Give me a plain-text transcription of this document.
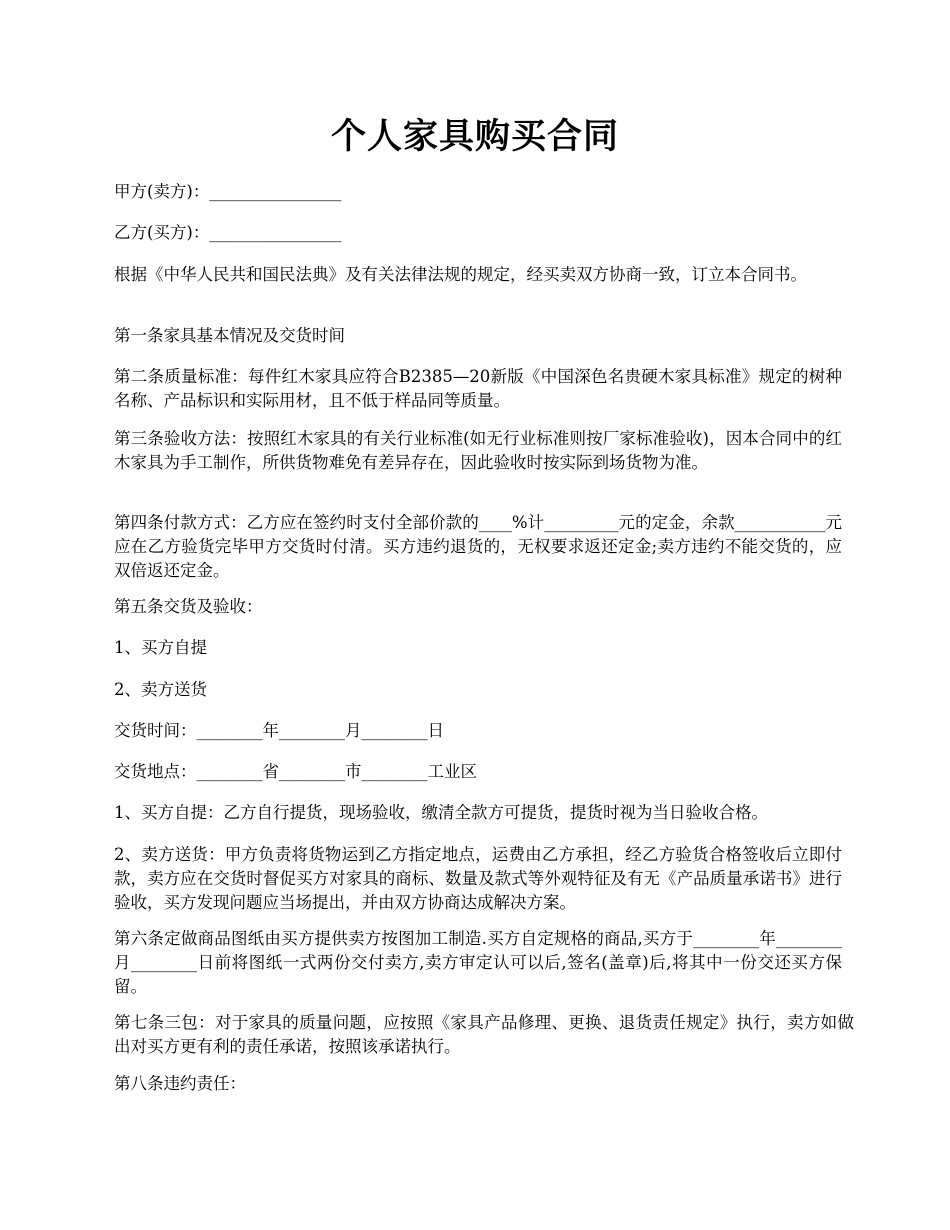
个人家具购买合同

甲方(卖方)：________________

乙方(买方)：________________

根据《中华人民共和国民法典》及有关法律法规的规定，经买卖双方协商一致，订立本合同书。

第一条家具基本情况及交货时间

第二条质量标准：每件红木家具应符合B2385—20新版《中国深色名贵硬木家具标准》规定的树种名称、产品标识和实际用材，且不低于样品同等质量。

第三条验收方法：按照红木家具的有关行业标准(如无行业标准则按厂家标准验收)，因本合同中的红木家具为手工制作，所供货物难免有差异存在，因此验收时按实际到场货物为准。

第四条付款方式：乙方应在签约时支付全部价款的____%计_________元的定金，余款___________元应在乙方验货完毕甲方交货时付清。买方违约退货的，无权要求返还定金;卖方违约不能交货的，应双倍返还定金。

第五条交货及验收：

1、买方自提

2、卖方送货

交货时间：________年________月________日

交货地点：________省________市________工业区

1、买方自提：乙方自行提货，现场验收，缴清全款方可提货，提货时视为当日验收合格。

2、卖方送货：甲方负责将货物运到乙方指定地点，运费由乙方承担，经乙方验货合格签收后立即付款，卖方应在交货时督促买方对家具的商标、数量及款式等外观特征及有无《产品质量承诺书》进行验收，买方发现问题应当场提出，并由双方协商达成解决方案。

第六条定做商品图纸由买方提供卖方按图加工制造.买方自定规格的商品,买方于________年________月________日前将图纸一式两份交付卖方,卖方审定认可以后,签名(盖章)后,将其中一份交还买方保留。

第七条三包：对于家具的质量问题，应按照《家具产品修理、更换、退货责任规定》执行，卖方如做出对买方更有利的责任承诺，按照该承诺执行。

第八条违约责任：
